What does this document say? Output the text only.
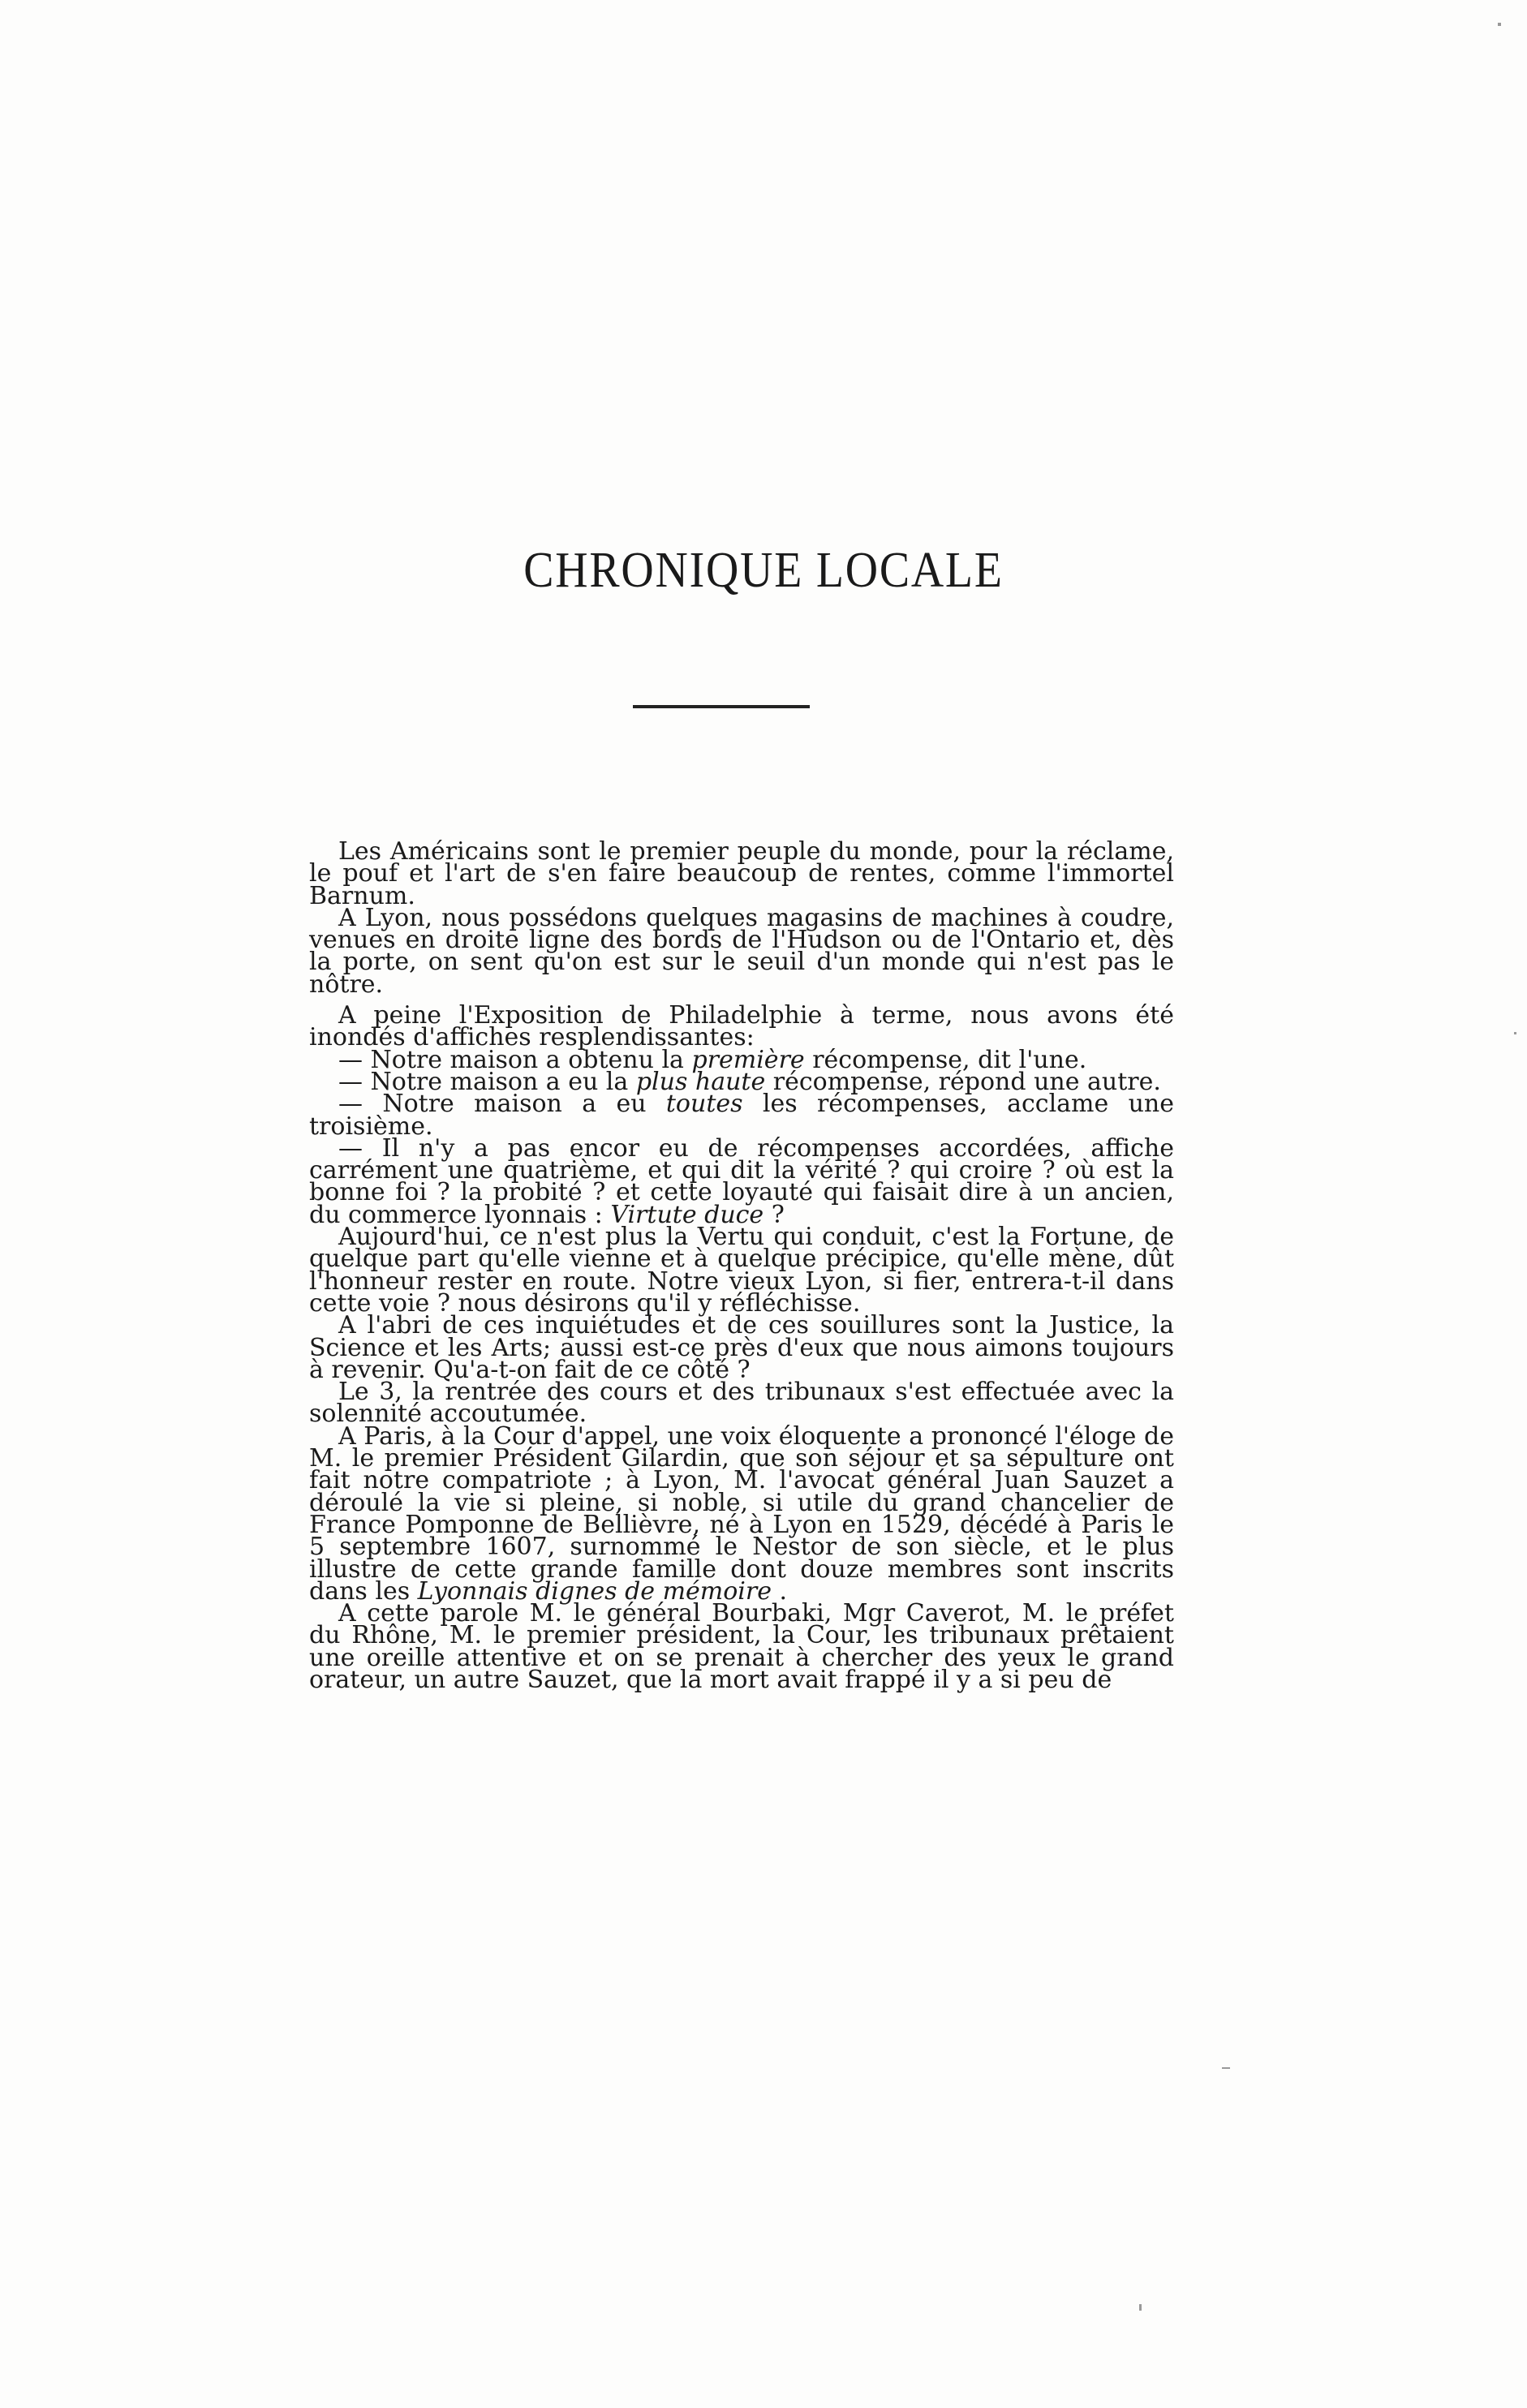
CHRONIQUE LOCALE

Les Américains sont le premier peuple du monde, pour la réclame, le pouf et l'art de s'en faire beaucoup de rentes, comme l'immortel Barnum.

A Lyon, nous possédons quelques magasins de machines à coudre, venues en droite ligne des bords de l'Hudson ou de l'Ontario et, dès la porte, on sent qu'on est sur le seuil d'un monde qui n'est pas le nôtre.

A peine l'Exposition de Philadelphie à terme, nous avons été inondés d'affiches resplendissantes:

— Notre maison a obtenu la première récompense, dit l'une.

— Notre maison a eu la plus haute récompense, répond une autre.

— Notre maison a eu toutes les récompenses, acclame une troisième.

— Il n'y a pas encor eu de récompenses accordées, affiche carrément une quatrième, et qui dit la vérité ? qui croire ? où est la bonne foi ? la probité ? et cette loyauté qui faisait dire à un ancien, du commerce lyonnais : Virtute duce ?

Aujourd'hui, ce n'est plus la Vertu qui conduit, c'est la Fortune, de quelque part qu'elle vienne et à quelque précipice, qu'elle mène, dût l'honneur rester en route. Notre vieux Lyon, si fier, entrera-t-il dans cette voie ? nous désirons qu'il y réfléchisse.

A l'abri de ces inquiétudes et de ces souillures sont la Justice, la Science et les Arts; aussi est-ce près d'eux que nous aimons toujours à revenir. Qu'a-t-on fait de ce côté ?

Le 3, la rentrée des cours et des tribunaux s'est effectuée avec la solennité accoutumée.

A Paris, à la Cour d'appel, une voix éloquente a prononcé l'éloge de M. le premier Président Gilardin, que son séjour et sa sépulture ont fait notre compatriote ; à Lyon, M. l'avocat général Juan Sauzet a déroulé la vie si pleine, si noble, si utile du grand chancelier de France Pomponne de Bellièvre, né à Lyon en 1529, décédé à Paris le 5 septembre 1607, surnommé le Nestor de son siècle, et le plus illustre de cette grande famille dont douze membres sont inscrits dans les Lyonnais dignes de mémoire .

A cette parole M. le général Bourbaki, Mgr Caverot, M. le préfet du Rhône, M. le premier président, la Cour, les tribunaux prêtaient une oreille attentive et on se prenait à chercher des yeux le grand orateur, un autre Sauzet, que la mort avait frappé il y a si peu de
